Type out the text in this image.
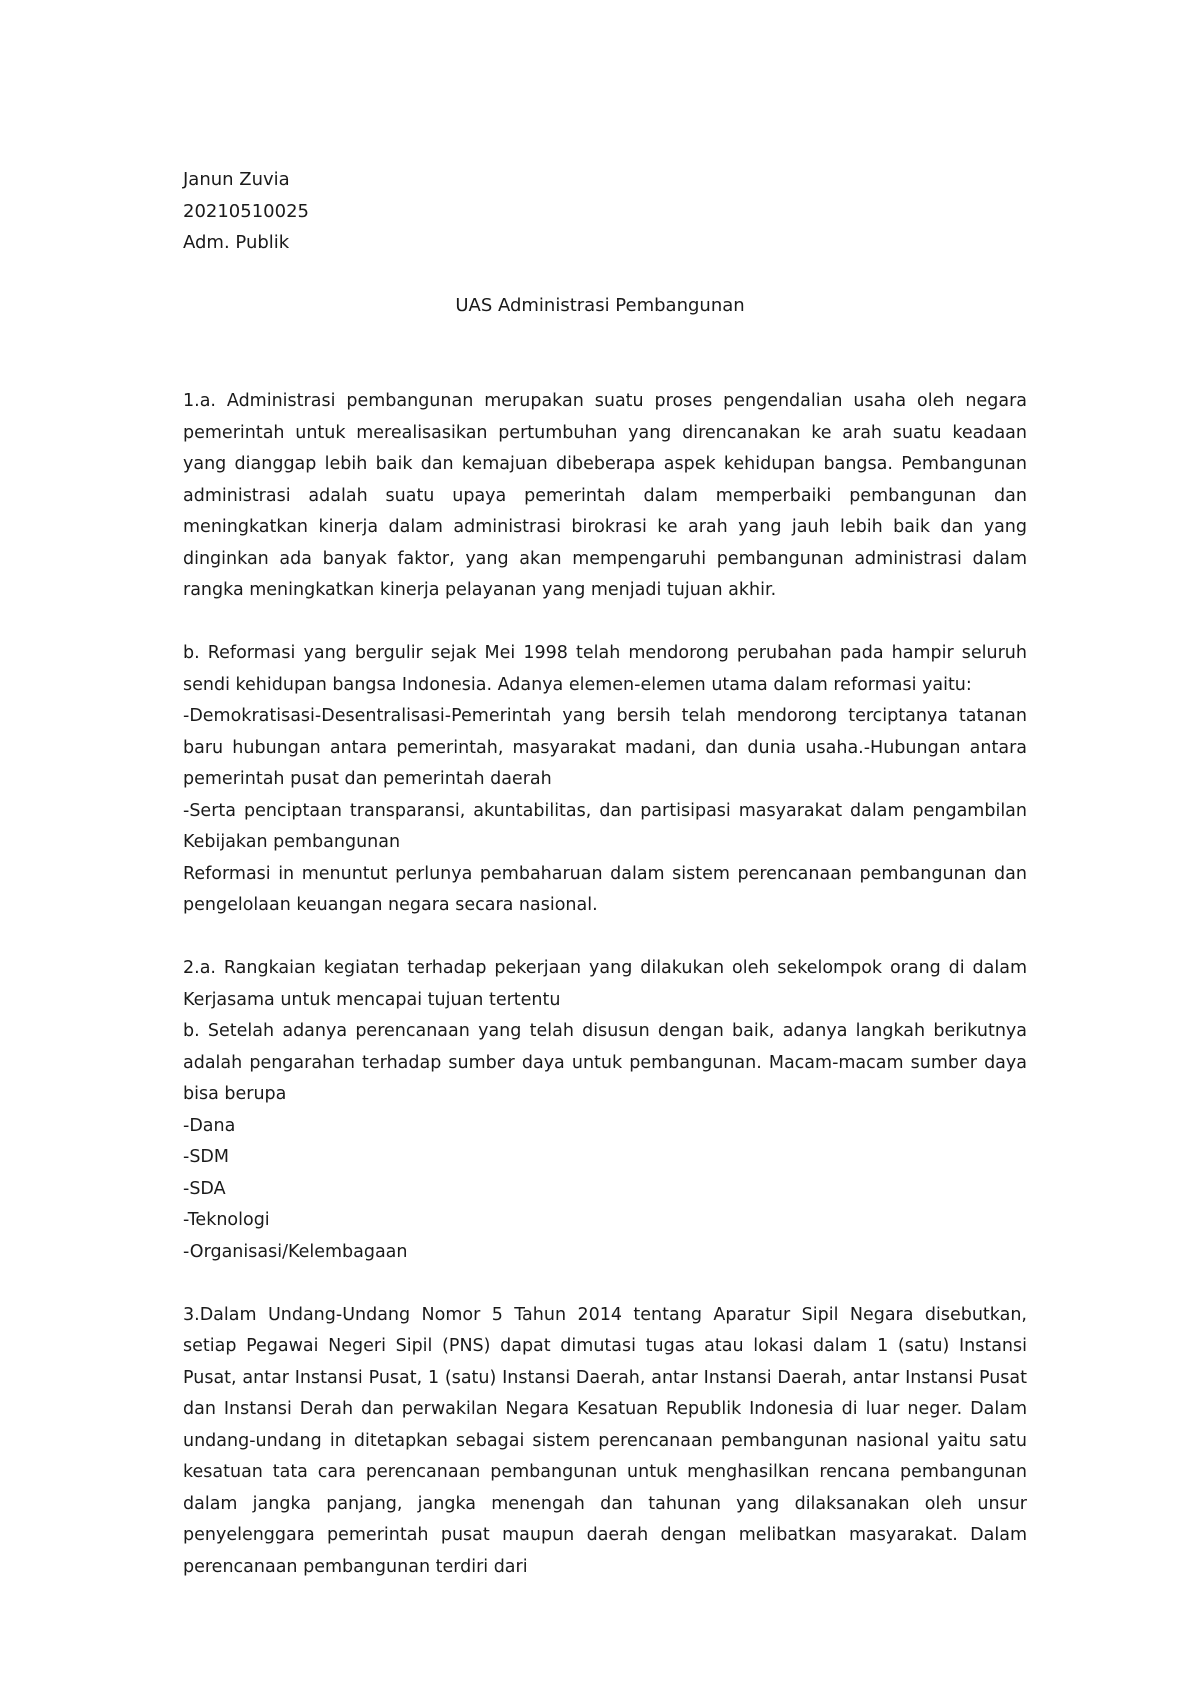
Janun Zuvia
20210510025
Adm. Publik
UAS Administrasi Pembangunan

1.a. Administrasi pembangunan merupakan suatu proses pengendalian usaha oleh negara pemerintah untuk merealisasikan pertumbuhan yang direncanakan ke arah suatu keadaan yang dianggap lebih baik dan kemajuan dibeberapa aspek kehidupan bangsa. Pembangunan administrasi adalah suatu upaya pemerintah dalam memperbaiki pembangunan dan meningkatkan kinerja dalam administrasi birokrasi ke arah yang jauh lebih baik dan yang dinginkan ada banyak faktor, yang akan mempengaruhi pembangunan administrasi dalam rangka meningkatkan kinerja pelayanan yang menjadi tujuan akhir.

b. Reformasi yang bergulir sejak Mei 1998 telah mendorong perubahan pada hampir seluruh sendi kehidupan bangsa Indonesia. Adanya elemen-elemen utama dalam reformasi yaitu:

-Demokratisasi-Desentralisasi-Pemerintah yang bersih telah mendorong terciptanya tatanan baru hubungan antara pemerintah, masyarakat madani, dan dunia usaha.-Hubungan antara pemerintah pusat dan pemerintah daerah

-Serta penciptaan transparansi, akuntabilitas, dan partisipasi masyarakat dalam pengambilan Kebijakan pembangunan

Reformasi in menuntut perlunya pembaharuan dalam sistem perencanaan pembangunan dan pengelolaan keuangan negara secara nasional.

2.a. Rangkaian kegiatan terhadap pekerjaan yang dilakukan oleh sekelompok orang di dalam Kerjasama untuk mencapai tujuan tertentu

b. Setelah adanya perencanaan yang telah disusun dengan baik, adanya langkah berikutnya adalah pengarahan terhadap sumber daya untuk pembangunan. Macam-macam sumber daya bisa berupa

-Dana

-SDM

-SDA

-Teknologi

-Organisasi/Kelembagaan

3.Dalam Undang-Undang Nomor 5 Tahun 2014 tentang Aparatur Sipil Negara disebutkan, setiap Pegawai Negeri Sipil (PNS) dapat dimutasi tugas atau lokasi dalam 1 (satu) Instansi Pusat, antar Instansi Pusat, 1 (satu) Instansi Daerah, antar Instansi Daerah, antar Instansi Pusat dan Instansi Derah dan perwakilan Negara Kesatuan Republik Indonesia di luar neger. Dalam undang-undang in ditetapkan sebagai sistem perencanaan pembangunan nasional yaitu satu kesatuan tata cara perencanaan pembangunan untuk menghasilkan rencana pembangunan dalam jangka panjang, jangka menengah dan tahunan yang dilaksanakan oleh unsur penyelenggara pemerintah pusat maupun daerah dengan melibatkan masyarakat. Dalam perencanaan pembangunan terdiri dari
